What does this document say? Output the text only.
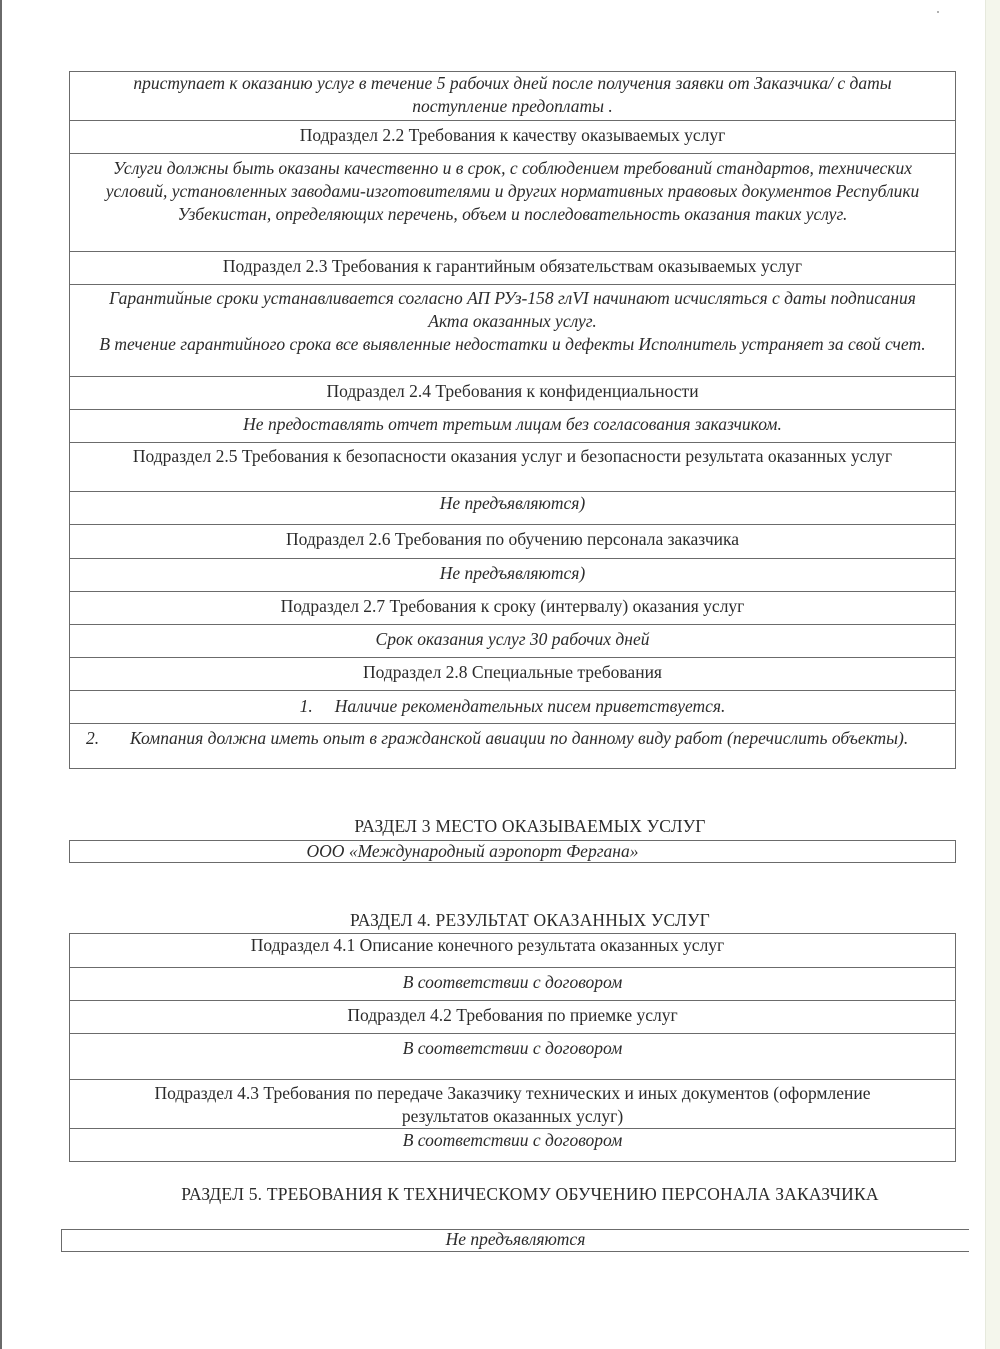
приступает к оказанию услуг в течение 5 рабочих дней после получения заявки от Заказчика/ с даты поступление предоплаты .
Подраздел 2.2 Требования к качеству оказываемых услуг
Услуги должны быть оказаны качественно и в срок, с соблюдением требований стандартов, технических условий, установленных заводами-изготовителями и других нормативных правовых документов Республики Узбекистан, определяющих перечень, объем и последовательность оказания таких услуг.
Подраздел 2.3 Требования к гарантийным обязательствам оказываемых услуг

Гарантийные сроки устанавливается согласно АП РУз-158 глVI начинают исчисляться с даты подписания Акта оказанных услуг.
В течение гарантийного срока все выявленные недостатки и дефекты Исполнитель устраняет за свой счет.

Подраздел 2.4 Требования к конфиденциальности
Не предоставлять отчет третьим лицам без согласования заказчиком.
Подраздел 2.5 Требования к безопасности оказания услуг и безопасности результата оказанных услуг
Не предъявляются)
Подраздел 2.6 Требования по обучению персонала заказчика
Не предъявляются)
Подраздел 2.7 Требования к сроку (интервалу) оказания услуг
Срок оказания услуг 30 рабочих дней
Подраздел 2.8 Специальные требования
1. Наличие рекомендательных писем приветствуется.
2. Компания должна иметь опыт в гражданской авиации по данному виду работ (перечислить объекты).
РАЗДЕЛ 3 МЕСТО ОКАЗЫВАЕМЫХ УСЛУГ
ООО «Международный аэропорт Фергана»
РАЗДЕЛ 4. РЕЗУЛЬТАТ ОКАЗАННЫХ УСЛУГ
Подраздел 4.1 Описание конечного результата оказанных услуг
В соответствии с договором
Подраздел 4.2 Требования по приемке услуг
В соответствии с договором
Подраздел 4.3 Требования по передаче Заказчику технических и иных документов (оформление результатов оказанных услуг)
В соответствии с договором
РАЗДЕЛ 5. ТРЕБОВАНИЯ К ТЕХНИЧЕСКОМУ ОБУЧЕНИЮ ПЕРСОНАЛА ЗАКАЗЧИКА
Не предъявляются
